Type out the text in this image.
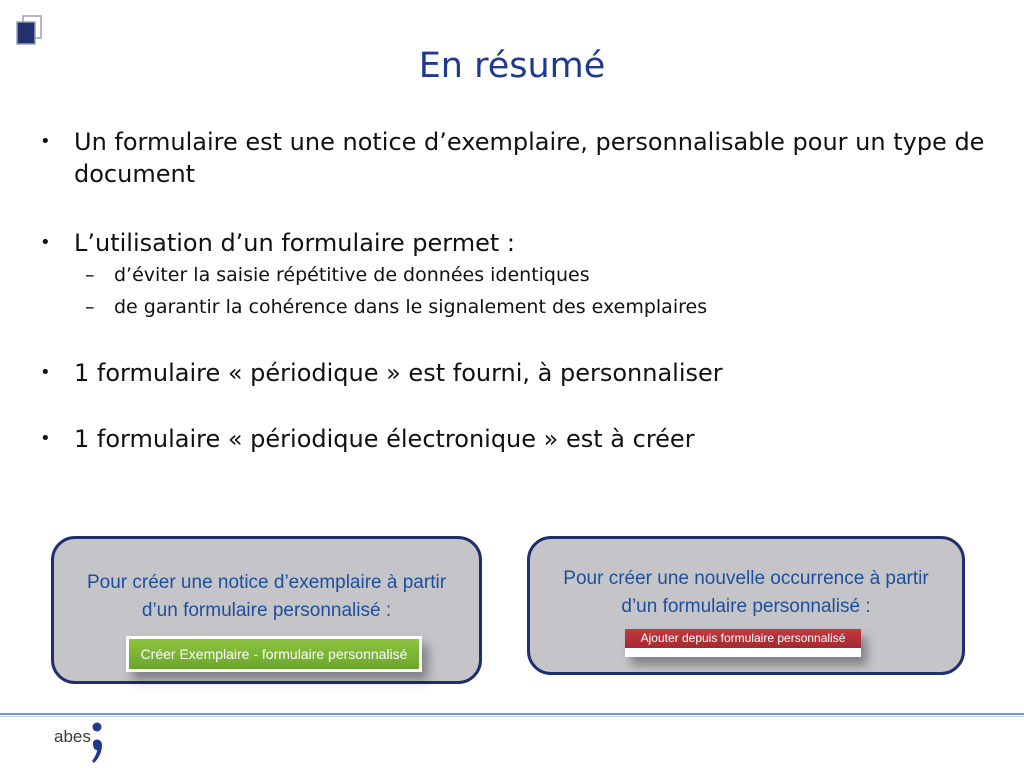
En résumé
• Un formulaire est une notice d’exemplaire, personnalisable pour un type de document
• L’utilisation d’un formulaire permet :
– d’éviter la saisie répétitive de données identiques
– de garantir la cohérence dans le signalement des exemplaires
• 1 formulaire « périodique » est fourni, à personnaliser
• 1 formulaire « périodique électronique » est à créer
Pour créer une notice d’exemplaire à partir d’un formulaire personnalisé :
Créer Exemplaire - formulaire personnalisé
Pour créer une nouvelle occurrence à partir d’un formulaire personnalisé :
Ajouter depuis formulaire personnalisé
abes
